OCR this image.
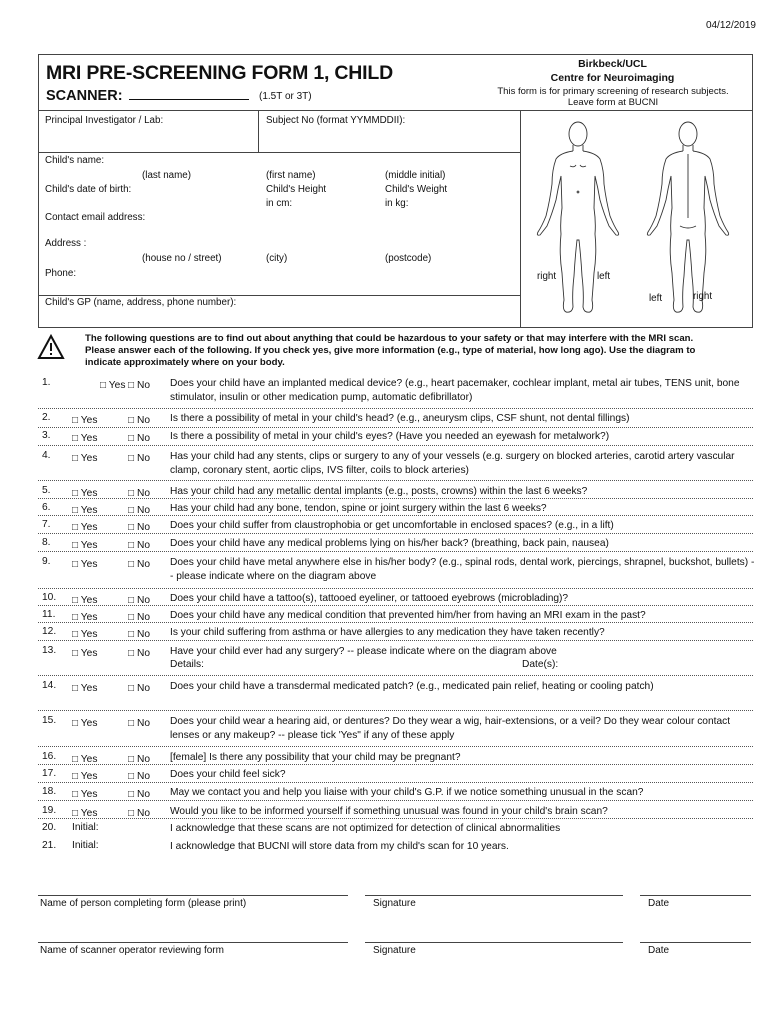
04/12/2019
MRI PRE-SCREENING FORM 1, CHILD
SCANNER:	(1.5T or 3T)
Birkbeck/UCL
Centre for Neuroimaging
This form is for primary screening of research subjects. Leave form at BUCNI
Principal Investigator / Lab:	Subject No (format YYMMDDII):
Child's name:
(last name)	(first name)	(middle initial)
Child's date of birth:	Child's Height
in cm:
Child's Weight
in kg:
Contact email address:
Address :
(house no / street)	(city)	(postcode)
Phone:
Child's GP (name, address, phone number):
right	left
left	right
The following questions are to find out about anything that could be hazardous to your safety or that may interfere with the MRI scan. Please answer each of the following. If you check yes, give more information (e.g., type of material, how long ago). Use the diagram to indicate approximately where on your body.
1.	□ Yes □ No Does your child have an implanted medical device? (e.g., heart pacemaker, cochlear implant, metal air tubes, TENS unit, bone stimulator, insulin or other medication pump, automatic defibrillator)
2. □ Yes	□ No Is there a possibility of metal in your child's head? (e.g., aneurysm clips, CSF shunt, not dental fillings)
3. □ Yes	□ No Is there a possibility of metal in your child's eyes? (Have you needed an eyewash for metalwork?)
4. □ Yes	□ No Has your child had any stents, clips or surgery to any of your vessels (e.g. surgery on blocked arteries, carotid artery vascular clamp, coronary stent, aortic clips, IVS filter, coils to block arteries)
5. □ Yes	□ No Has your child had any metallic dental implants (e.g., posts, crowns) within the last 6 weeks?
6. □ Yes	□ No Has your child had any bone, tendon, spine or joint surgery within the last 6 weeks?
7. □ Yes	□ No Does your child suffer from claustrophobia or get uncomfortable in enclosed spaces? (e.g., in a lift)
8. □ Yes	□ No Does your child have any medical problems lying on his/her back? (breathing, back pain, nausea)
9. □ Yes	□ No Does your child have metal anywhere else in his/her body? (e.g., spinal rods, dental work, piercings, shrapnel, buckshot, bullets) -- please indicate where on the diagram above
10. □ Yes	□ No Does your child have a tattoo(s), tattooed eyeliner, or tattooed eyebrows (microblading)?
11. □ Yes	□ No Does your child have any medical condition that prevented him/her from having an MRI exam in the past?
12. □ Yes	□ No Is your child suffering from asthma or have allergies to any medication they have taken recently?
13. □ Yes	□ No Have your child ever had any surgery? -- please indicate where on the diagram above
Details:	Date(s):
14. □ Yes	□ No Does your child have a transdermal medicated patch? (e.g., medicated pain relief, heating or cooling patch)
15. □ Yes	□ No Does your child wear a hearing aid, or dentures? Do they wear a wig, hair-extensions, or a veil? Do they wear colour contact lenses or any makeup? -- please tick 'Yes" if any of these apply
16. □ Yes	□ No [female] Is there any possibility that your child may be pregnant?
17. □ Yes	□ No Does your child feel sick?
18. □ Yes	□ No May we contact you and help you liaise with your child's G.P. if we notice something unusual in the scan?
19. □ Yes	□ No Would you like to be informed yourself if something unusual was found in your child's brain scan?
20. Initial:	I acknowledge that these scans are not optimized for detection of clinical abnormalities
21. Initial:	I acknowledge that BUCNI will store data from my child's scan for 10 years.
Name of person completing form (please print)	Signature	Date
Name of scanner operator reviewing form	Signature	Date
